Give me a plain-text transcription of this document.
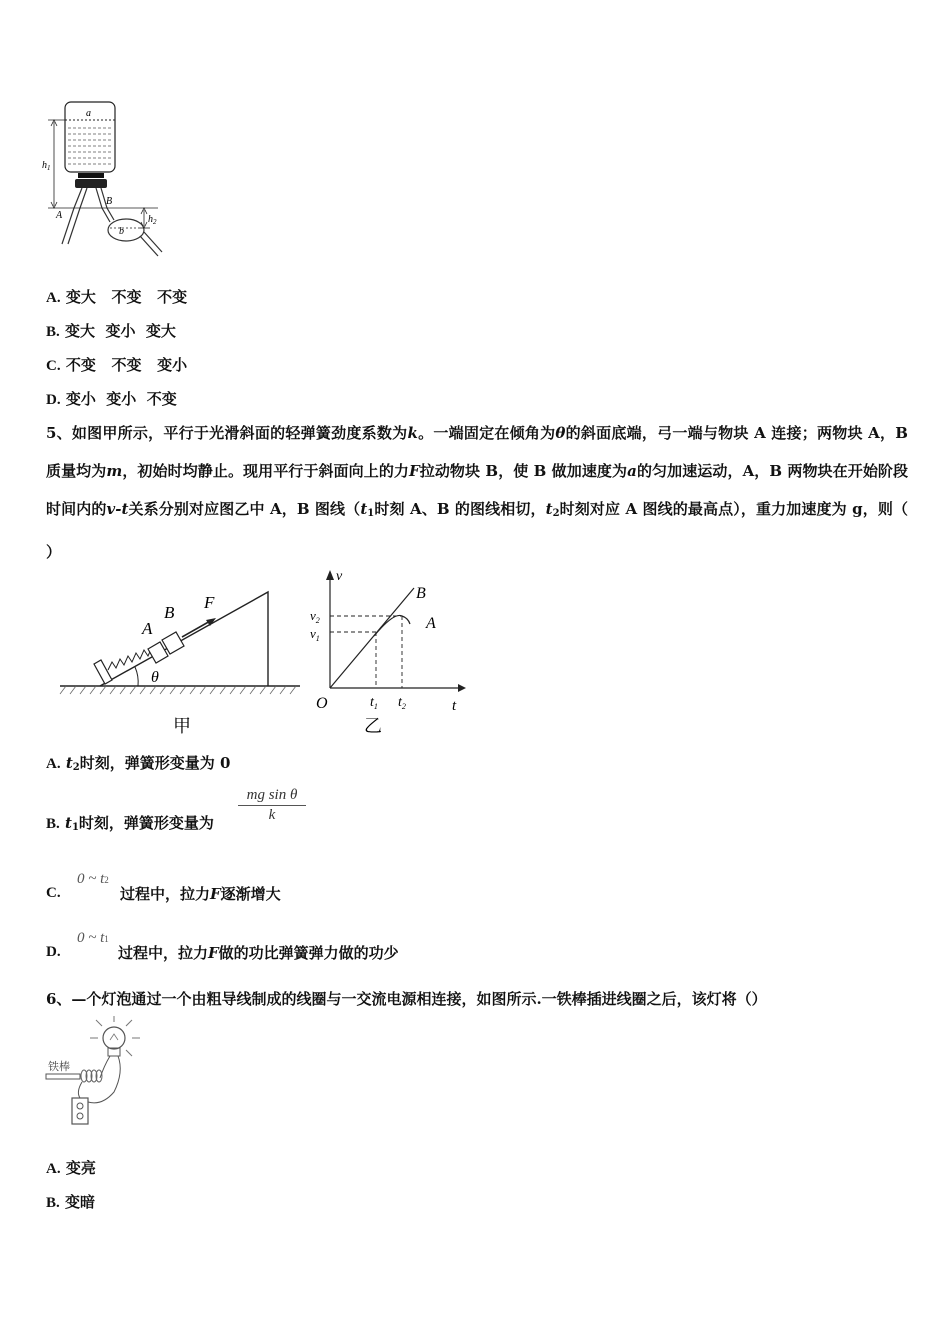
a
b
A
B
$h_1$
$h_2$
A. 变大   不变   不变
B. 变大  变小  变大
C. 不变   不变   变小
D. 变小  变小  不变
5、如图甲所示，平行于光滑斜面的轻弹簧劲度系数为k。一端固定在倾角为θ的斜面底端，弓一端与物块 A 连接；两物块 A，B 质量均为m，初始时均静止。现用平行于斜面向上的力F拉动物块 B，使 B 做加速度为a的匀加速运动，A，B 两物块在开始阶段时间内的v-t关系分别对应图乙中 A，B 图线（$t_1$时刻 A、B 的图线相切，$t_2$时刻对应 A 图线的最高点），重力加速度为 g，则（ ）
B
F
A
θ
甲
v
t
O
B
A
$v_1$
$v_2$
$t_1$ $t_2$
乙
A. $t_2$时刻，弹簧形变量为 0
B. $t_1$时刻，弹簧形变量为 $\frac{\text{mg sin θ}}{k}$
C.
0 ~ t2
过程中，拉力F逐渐增大
D.
0 ~ t1
过程中，拉力F做的功比弹簧弹力做的功少
6、—个灯泡通过一个由粗导线制成的线圈与一交流电源相连接，如图所示.一铁棒插进线圈之后，该灯将（）
铁棒
A. 变亮
B. 变暗
